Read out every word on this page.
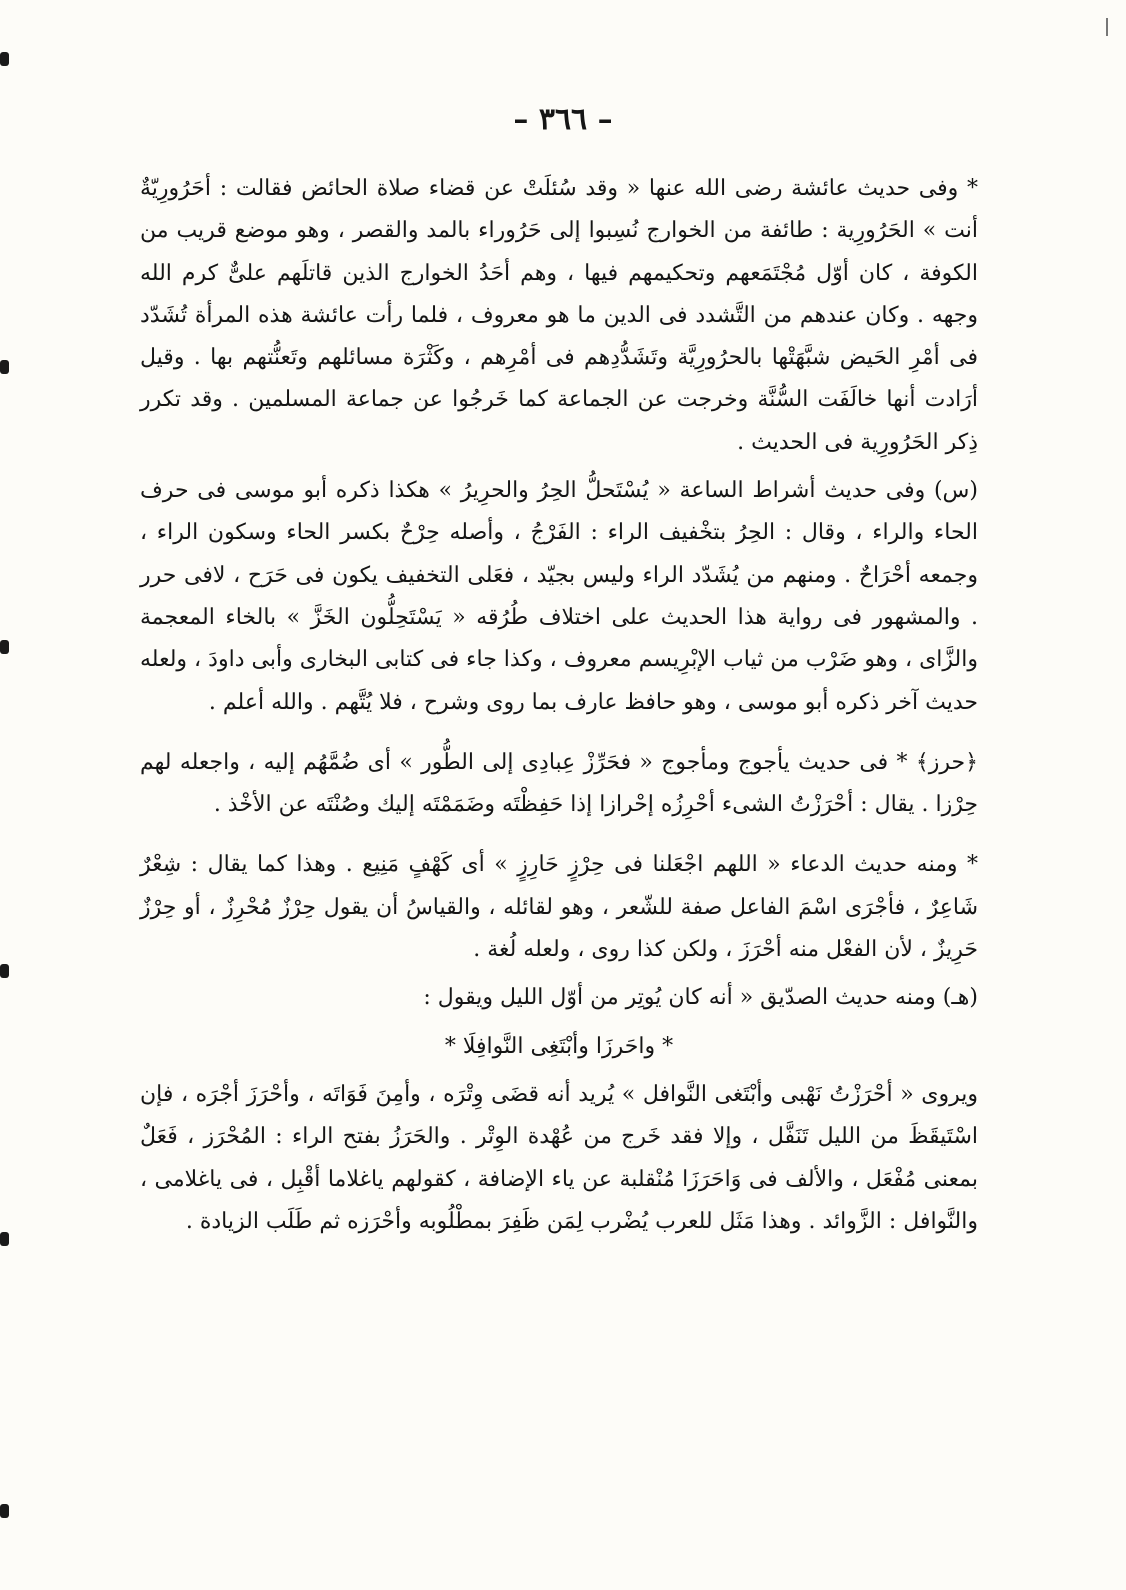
– ٣٦٦ –

* وفى حديث عائشة رضى الله عنها « وقد سُئلَتْ عن قضاء صلاة الحائض فقالت : أحَرُورِيّةٌ أنت » الحَرُورِية : طائفة من الخوارج نُسِبوا إلى حَرُوراء بالمد والقصر ، وهو موضع قريب من الكوفة ، كان أوّل مُجْتَمَعهم وتحكيمهم فيها ، وهم أحَدُ الخوارج الذين قاتلَهم علىٌّ كرم الله وجهه . وكان عندهم من التَّشدد فى الدين ما هو معروف ، فلما رأت عائشة هذه المرأة تُشَدّد فى أمْرِ الحَيض شبَّهَتْها بالحرُورِيَّة وتَشَدُّدِهم فى أمْرِهم ، وكَثْرَة مسائلهم وتَعنُّتهم بها . وقيل أرَادت أنها خالَفَت السُّنَّة وخرجت عن الجماعة كما خَرجُوا عن جماعة المسلمين . وقد تكرر ذِكر الحَرُورِية فى الحديث .

(س) وفى حديث أشراط الساعة « يُسْتَحلُّ الحِرُ والحرِيرُ » هكذا ذكره أبو موسى فى حرف الحاء والراء ، وقال : الحِرُ بتخْفيف الراء : الفَرْجُ ، وأصله حِرْحٌ بكسر الحاء وسكون الراء ، وجمعه أحْرَاحٌ . ومنهم من يُشَدّد الراء وليس بجيّد ، فعَلى التخفيف يكون فى حَرَح ، لافى حرر . والمشهور فى رواية هذا الحديث على اختلاف طُرُقه « يَسْتَحِلُّون الخَزَّ » بالخاء المعجمة والزَّاى ، وهو ضَرْب من ثياب الإبْرِيسم معروف ، وكذا جاء فى كتابى البخارى وأبى داودَ ، ولعله حديث آخر ذكره أبو موسى ، وهو حافظ عارف بما روى وشرح ، فلا يُتَّهم . والله أعلم .

﴿حرز﴾ * فى حديث يأجوج ومأجوج « فحَرِّزْ عِبادِى إلى الطُّور » أى ضُمَّهُم إليه ، واجعله لهم حِرْزا . يقال : أحْرَزْتُ الشىء أحْرِزُه إحْرازا إذا حَفِظْتَه وضَمَمْتَه إليك وصُنْتَه عن الأخْذ .

* ومنه حديث الدعاء « اللهم اجْعَلنا فى حِرْزٍ حَارِزٍ » أى كَهْفٍ مَنِيع . وهذا كما يقال : شِعْرٌ شَاعِرٌ ، فأجْرَى اسْمَ الفاعل صفة للشّعر ، وهو لقائله ، والقياسُ أن يقول حِرْزٌ مُحْرِزٌ ، أو حِرْزٌ حَرِيزٌ ، لأن الفعْل منه أحْرَزَ ، ولكن كذا روى ، ولعله لُغة .

(هـ) ومنه حديث الصدّيق « أنه كان يُوتِر من أوّل الليل ويقول :

* واحَرزَا وأبْتَغِى النَّوافِلَا *

ويروى « أحْرَزْتُ نَهْبى وأبْتَغى النَّوافل » يُريد أنه قضَى وِتْرَه ، وأمِنَ فَوَاتَه ، وأحْرَزَ أجْرَه ، فإن اسْتَيقَظَ من الليل تَنَفَّل ، وإلا فقد خَرج من عُهْدة الوِتْر . والحَرَزُ بفتح الراء : المُحْرَز ، فَعَلٌ بمعنى مُفْعَل ، والألف فى وَاحَرَزَا مُنْقلبة عن ياء الإضافة ، كقولهم ياغلاما أقْبِل ، فى ياغلامى ، والنَّوافل : الزَّوائد . وهذا مَثَل للعرب يُضْرب لِمَن ظَفِرَ بمطْلُوبه وأحْرَزه ثم طَلَب الزيادة .
